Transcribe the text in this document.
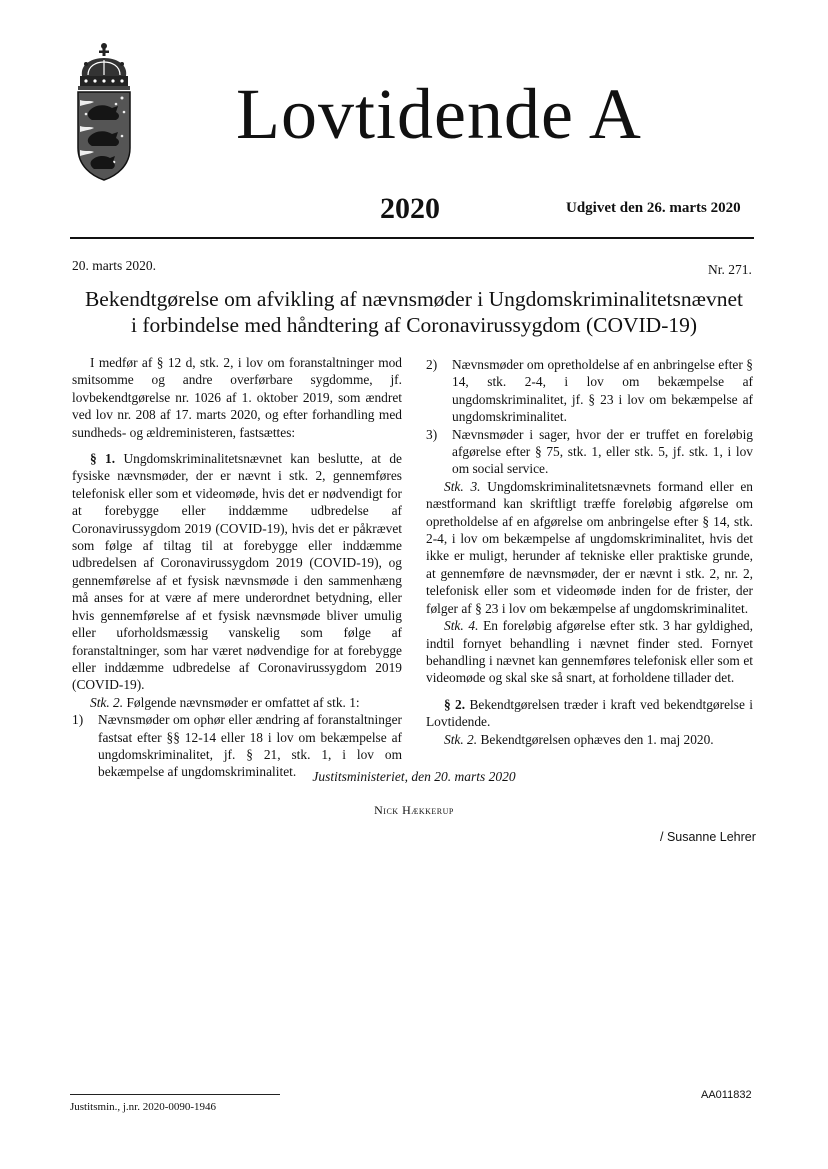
Lovtidende A
2020	Udgivet den 26. marts 2020
20. marts 2020.	Nr. 271.
Bekendtgørelse om afvikling af nævnsmøder i Ungdomskriminalitetsnævnet i forbindelse med håndtering af Coronavirussygdom (COVID-19)

I medfør af § 12 d, stk. 2, i lov om foranstaltninger mod smitsomme og andre overførbare sygdomme, jf. lovbekendtgørelse nr. 1026 af 1. oktober 2019, som ændret ved lov nr. 208 af 17. marts 2020, og efter forhandling med sundheds- og ældreministeren, fastsættes:

§ 1. Ungdomskriminalitetsnævnet kan beslutte, at de fysiske nævnsmøder, der er nævnt i stk. 2, gennemføres telefonisk eller som et videomøde, hvis det er nødvendigt for at forebygge eller inddæmme udbredelse af Coronavirussygdom 2019 (COVID-19), hvis det er påkrævet som følge af tiltag til at forebygge eller inddæmme udbredelsen af Coronavirussygdom 2019 (COVID-19), og gennemførelse af et fysisk nævnsmøde i den sammenhæng må anses for at være af mere underordnet betydning, eller hvis gennemførelse af et fysisk nævnsmøde bliver umulig eller uforholdsmæssig vanskelig som følge af foranstaltninger, som har været nødvendige for at forebygge eller inddæmme udbredelse af Coronavirussygdom 2019 (COVID-19).

Stk. 2. Følgende nævnsmøder er omfattet af stk. 1:

1)	Nævnsmøder om ophør eller ændring af foranstaltninger fastsat efter §§ 12-14 eller 18 i lov om bekæmpelse af ungdomskriminalitet, jf. § 21, stk. 1, i lov om bekæmpelse af ungdomskriminalitet.
2)	Nævnsmøder om opretholdelse af en anbringelse efter § 14, stk. 2-4, i lov om bekæmpelse af ungdomskriminalitet, jf. § 23 i lov om bekæmpelse af ungdomskriminalitet.
3)	Nævnsmøder i sager, hvor der er truffet en foreløbig afgørelse efter § 75, stk. 1, eller stk. 5, jf. stk. 1, i lov om social service.

Stk. 3. Ungdomskriminalitetsnævnets formand eller en næstformand kan skriftligt træffe foreløbig afgørelse om opretholdelse af en afgørelse om anbringelse efter § 14, stk. 2-4, i lov om bekæmpelse af ungdomskriminalitet, hvis det ikke er muligt, herunder af tekniske eller praktiske grunde, at gennemføre de nævnsmøder, der er nævnt i stk. 2, nr. 2, telefonisk eller som et videomøde inden for de frister, der følger af § 23 i lov om bekæmpelse af ungdomskriminalitet.

Stk. 4. En foreløbig afgørelse efter stk. 3 har gyldighed, indtil fornyet behandling i nævnet finder sted. Fornyet behandling i nævnet kan gennemføres telefonisk eller som et videomøde og skal ske så snart, at forholdene tillader det.

§ 2. Bekendtgørelsen træder i kraft ved bekendtgørelse i Lovtidende.

Stk. 2. Bekendtgørelsen ophæves den 1. maj 2020.

Justitsministeriet, den 20. marts 2020
Nick Hækkerup
/ Susanne Lehrer
Justitsmin., j.nr. 2020-0090-1946
AA011832
